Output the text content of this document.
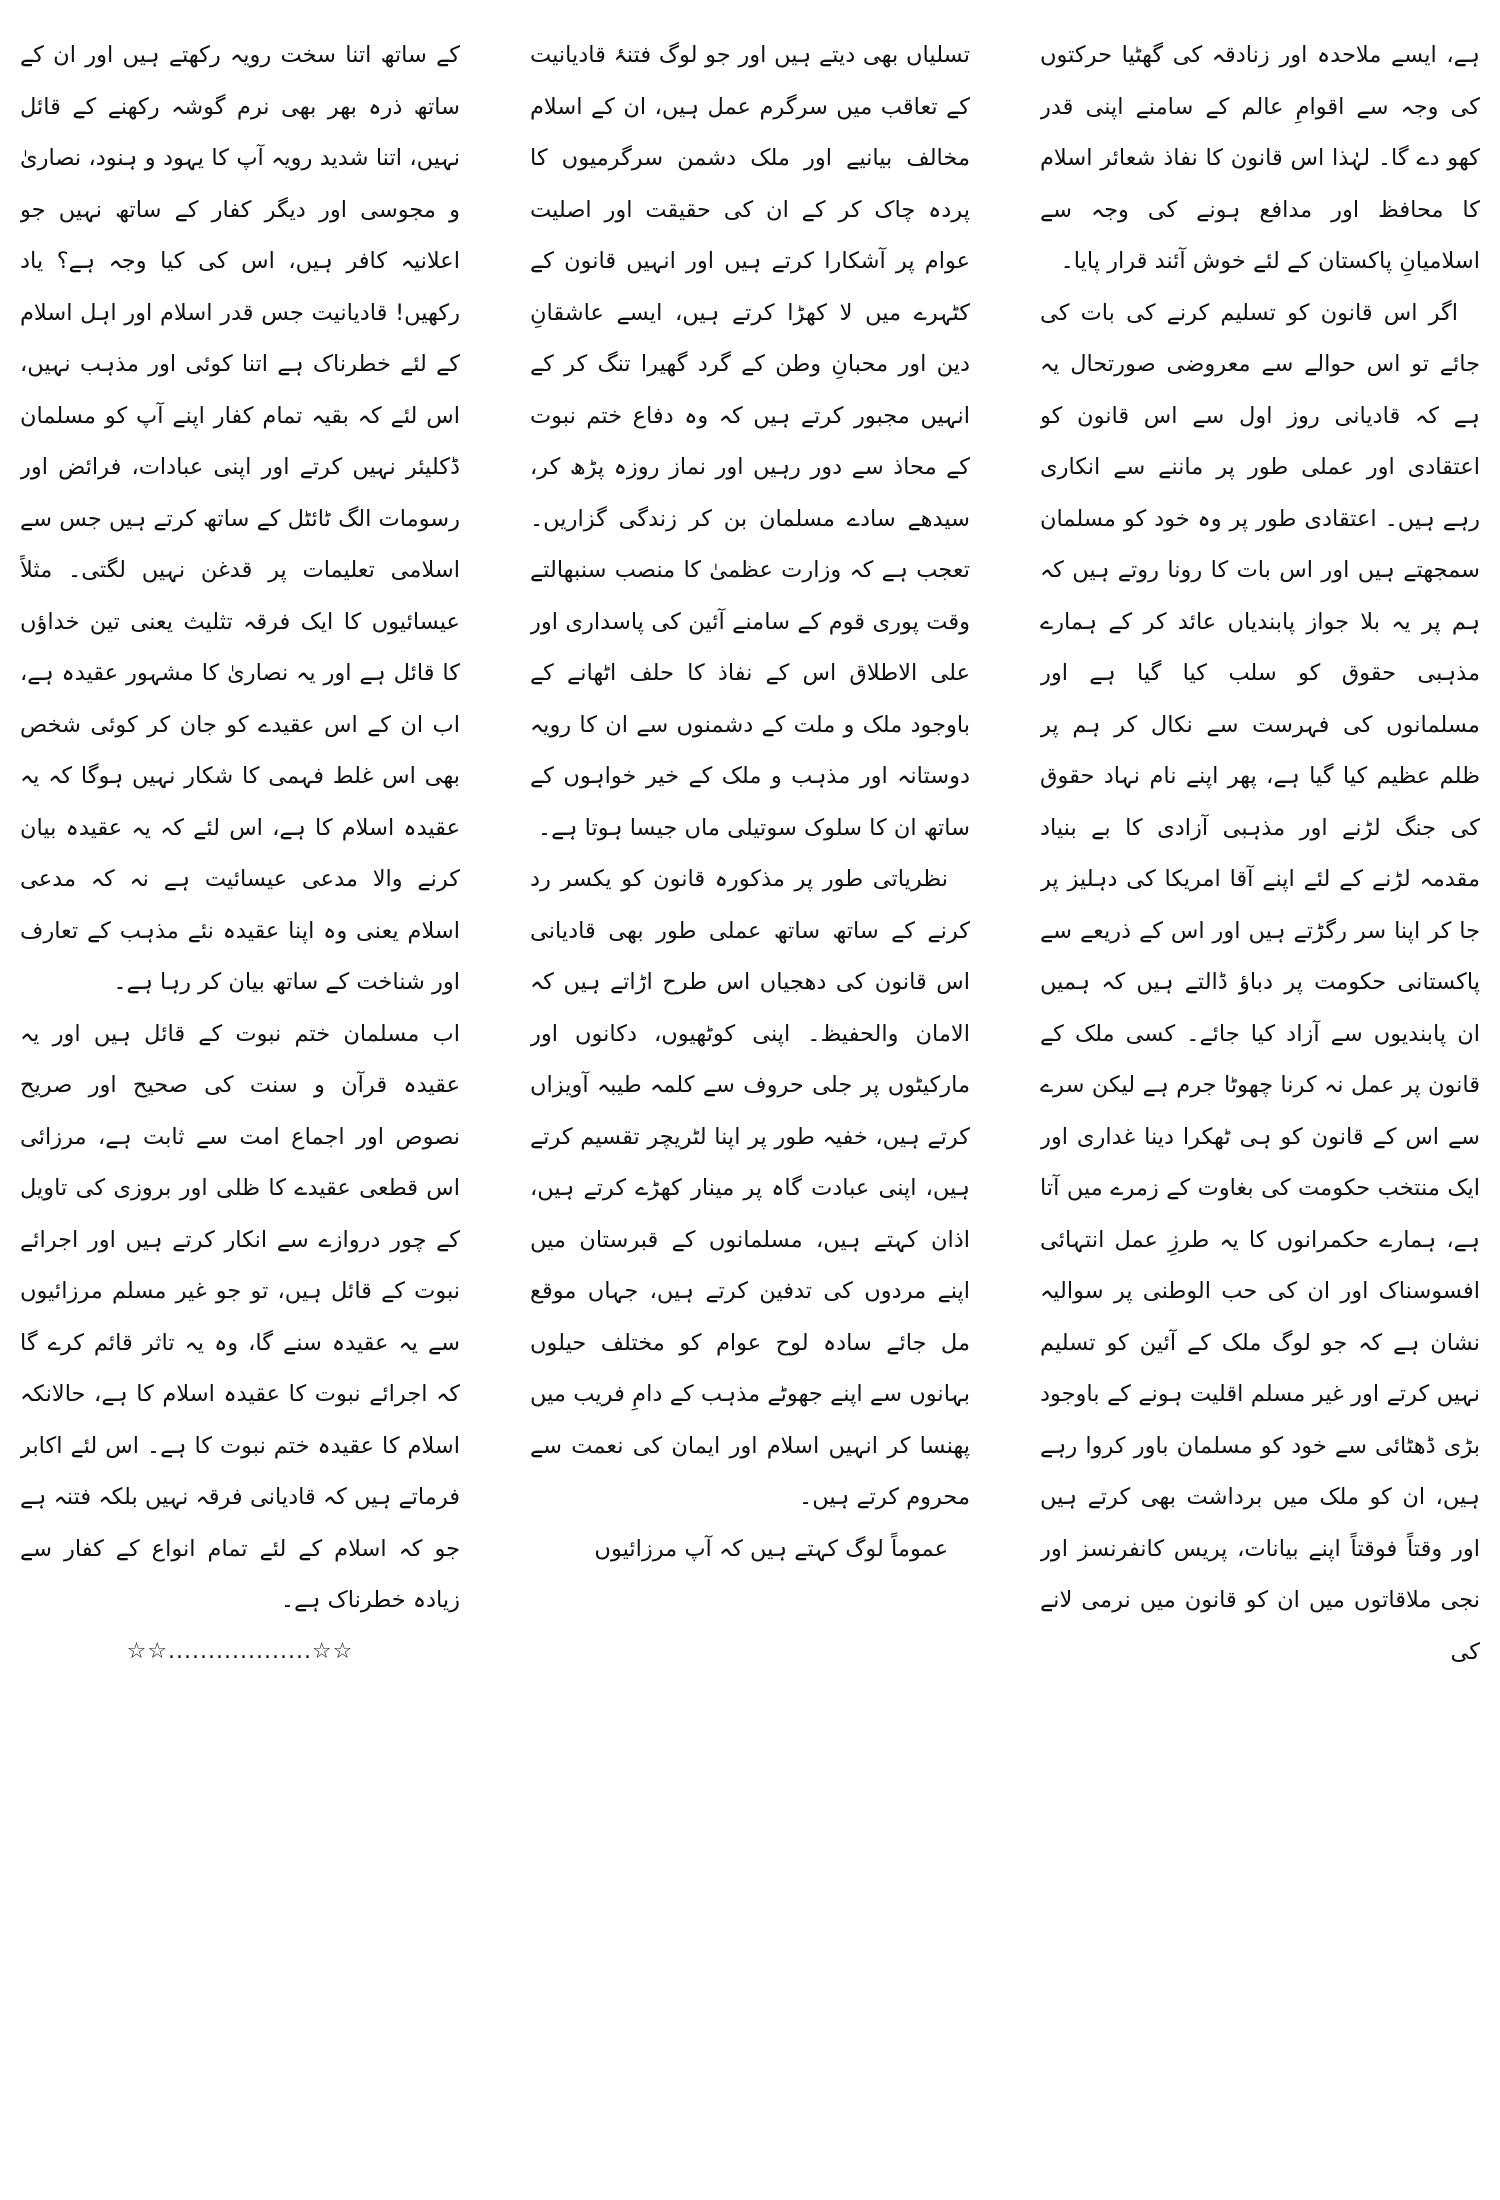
ہے، ایسے ملاحدہ اور زنادقہ کی گھٹیا حرکتوں کی وجہ سے اقوامِ عالم کے سامنے اپنی قدر کھو دے گا۔ لہٰذا اس قانون کا نفاذ شعائر اسلام کا محافظ اور مدافع ہونے کی وجہ سے اسلامیانِ پاکستان کے لئے خوش آئند قرار پایا۔

اگر اس قانون کو تسلیم کرنے کی بات کی جائے تو اس حوالے سے معروضی صورتحال یہ ہے کہ قادیانی روز اول سے اس قانون کو اعتقادی اور عملی طور پر ماننے سے انکاری رہے ہیں۔ اعتقادی طور پر وہ خود کو مسلمان سمجھتے ہیں اور اس بات کا رونا روتے ہیں کہ ہم پر یہ بلا جواز پابندیاں عائد کر کے ہمارے مذہبی حقوق کو سلب کیا گیا ہے اور مسلمانوں کی فہرست سے نکال کر ہم پر ظلم عظیم کیا گیا ہے، پھر اپنے نام نہاد حقوق کی جنگ لڑنے اور مذہبی آزادی کا بے بنیاد مقدمہ لڑنے کے لئے اپنے آقا امریکا کی دہلیز پر جا کر اپنا سر رگڑتے ہیں اور اس کے ذریعے سے پاکستانی حکومت پر دباؤ ڈالتے ہیں کہ ہمیں ان پابندیوں سے آزاد کیا جائے۔ کسی ملک کے قانون پر عمل نہ کرنا چھوٹا جرم ہے لیکن سرے سے اس کے قانون کو ہی ٹھکرا دینا غداری اور ایک منتخب حکومت کی بغاوت کے زمرے میں آتا ہے، ہمارے حکمرانوں کا یہ طرزِ عمل انتہائی افسوسناک اور ان کی حب الوطنی پر سوالیہ نشان ہے کہ جو لوگ ملک کے آئین کو تسلیم نہیں کرتے اور غیر مسلم اقلیت ہونے کے باوجود بڑی ڈھٹائی سے خود کو مسلمان باور کروا رہے ہیں، ان کو ملک میں برداشت بھی کرتے ہیں اور وقتاً فوقتاً اپنے بیانات، پریس کانفرنسز اور نجی ملاقاتوں میں ان کو قانون میں نرمی لانے کی

تسلیاں بھی دیتے ہیں اور جو لوگ فتنۂ قادیانیت کے تعاقب میں سرگرم عمل ہیں، ان کے اسلام مخالف بیانیے اور ملک دشمن سرگرمیوں کا پردہ چاک کر کے ان کی حقیقت اور اصلیت عوام پر آشکارا کرتے ہیں اور انہیں قانون کے کٹہرے میں لا کھڑا کرتے ہیں، ایسے عاشقانِ دین اور محبانِ وطن کے گرد گھیرا تنگ کر کے انہیں مجبور کرتے ہیں کہ وہ دفاع ختم نبوت کے محاذ سے دور رہیں اور نماز روزہ پڑھ کر، سیدھے سادے مسلمان بن کر زندگی گزاریں۔ تعجب ہے کہ وزارت عظمیٰ کا منصب سنبھالتے وقت پوری قوم کے سامنے آئین کی پاسداری اور علی الاطلاق اس کے نفاذ کا حلف اٹھانے کے باوجود ملک و ملت کے دشمنوں سے ان کا رویہ دوستانہ اور مذہب و ملک کے خیر خواہوں کے ساتھ ان کا سلوک سوتیلی ماں جیسا ہوتا ہے۔

نظریاتی طور پر مذکورہ قانون کو یکسر رد کرنے کے ساتھ ساتھ عملی طور بھی قادیانی اس قانون کی دھجیاں اس طرح اڑاتے ہیں کہ الامان والحفیظ۔ اپنی کوٹھیوں، دکانوں اور مارکیٹوں پر جلی حروف سے کلمہ طیبہ آویزاں کرتے ہیں، خفیہ طور پر اپنا لٹریچر تقسیم کرتے ہیں، اپنی عبادت گاہ پر مینار کھڑے کرتے ہیں، اذان کہتے ہیں، مسلمانوں کے قبرستان میں اپنے مردوں کی تدفین کرتے ہیں، جہاں موقع مل جائے سادہ لوح عوام کو مختلف حیلوں بہانوں سے اپنے جھوٹے مذہب کے دامِ فریب میں پھنسا کر انہیں اسلام اور ایمان کی نعمت سے محروم کرتے ہیں۔

عموماً لوگ کہتے ہیں کہ آپ مرزائیوں

کے ساتھ اتنا سخت رویہ رکھتے ہیں اور ان کے ساتھ ذرہ بھر بھی نرم گوشہ رکھنے کے قائل نہیں، اتنا شدید رویہ آپ کا یہود و ہنود، نصاریٰ و مجوسی اور دیگر کفار کے ساتھ نہیں جو اعلانیہ کافر ہیں، اس کی کیا وجہ ہے؟ یاد رکھیں! قادیانیت جس قدر اسلام اور اہل اسلام کے لئے خطرناک ہے اتنا کوئی اور مذہب نہیں، اس لئے کہ بقیہ تمام کفار اپنے آپ کو مسلمان ڈکلیئر نہیں کرتے اور اپنی عبادات، فرائض اور رسومات الگ ٹائٹل کے ساتھ کرتے ہیں جس سے اسلامی تعلیمات پر قدغن نہیں لگتی۔ مثلاً عیسائیوں کا ایک فرقہ تثلیث یعنی تین خداؤں کا قائل ہے اور یہ نصاریٰ کا مشہور عقیدہ ہے، اب ان کے اس عقیدے کو جان کر کوئی شخص بھی اس غلط فہمی کا شکار نہیں ہوگا کہ یہ عقیدہ اسلام کا ہے، اس لئے کہ یہ عقیدہ بیان کرنے والا مدعی عیسائیت ہے نہ کہ مدعی اسلام یعنی وہ اپنا عقیدہ نئے مذہب کے تعارف اور شناخت کے ساتھ بیان کر رہا ہے۔

اب مسلمان ختم نبوت کے قائل ہیں اور یہ عقیدہ قرآن و سنت کی صحیح اور صریح نصوص اور اجماع امت سے ثابت ہے، مرزائی اس قطعی عقیدے کا ظلی اور بروزی کی تاویل کے چور دروازے سے انکار کرتے ہیں اور اجرائے نبوت کے قائل ہیں، تو جو غیر مسلم مرزائیوں سے یہ عقیدہ سنے گا، وہ یہ تاثر قائم کرے گا کہ اجرائے نبوت کا عقیدہ اسلام کا ہے، حالانکہ اسلام کا عقیدہ ختم نبوت کا ہے۔ اس لئے اکابر فرماتے ہیں کہ قادیانی فرقہ نہیں بلکہ فتنہ ہے جو کہ اسلام کے لئے تمام انواع کے کفار سے زیادہ خطرناک ہے۔

☆☆..................☆☆
